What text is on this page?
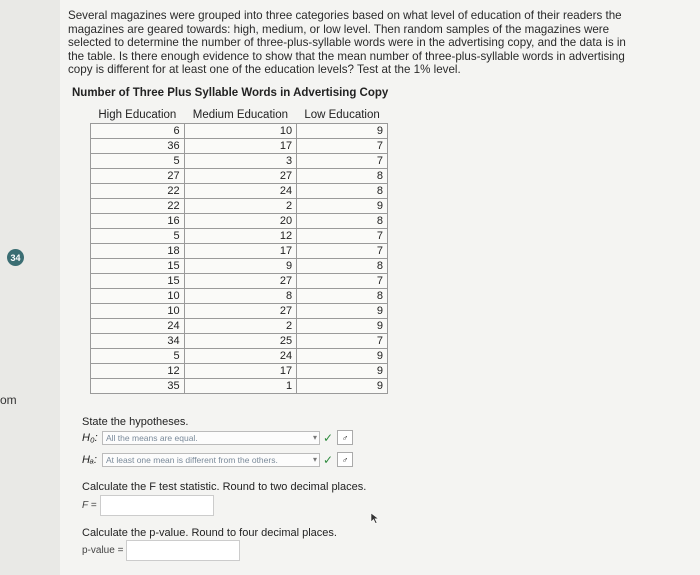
34
om
Several magazines were grouped into three categories based on what level of education of their readers the magazines are geared towards: high, medium, or low level. Then random samples of the magazines were selected to determine the number of three-plus-syllable words were in the advertising copy, and the data is in the table. Is there enough evidence to show that the mean number of three-plus-syllable words in advertising copy is different for at least one of the education levels? Test at the 1% level.
Number of Three Plus Syllable Words in Advertising Copy
High Education	Medium Education	Low Education
6	10	9
36	17	7
5	3	7
27	27	8
22	24	8
22	2	9
16	20	8
5	12	7
18	17	7
15	9	8
15	27	7
10	8	8
10	27	9
24	2	9
34	25	7
5	24	9
12	17	9
35	1	9
State the hypotheses.
H₀: All the means are equal.	▾ ✓ ♂
Hₐ:	At least one mean is different from the others.	▾ ✓ ♂
Calculate the F test statistic. Round to two decimal places.
F =
Calculate the p-value. Round to four decimal places.
p-value =
